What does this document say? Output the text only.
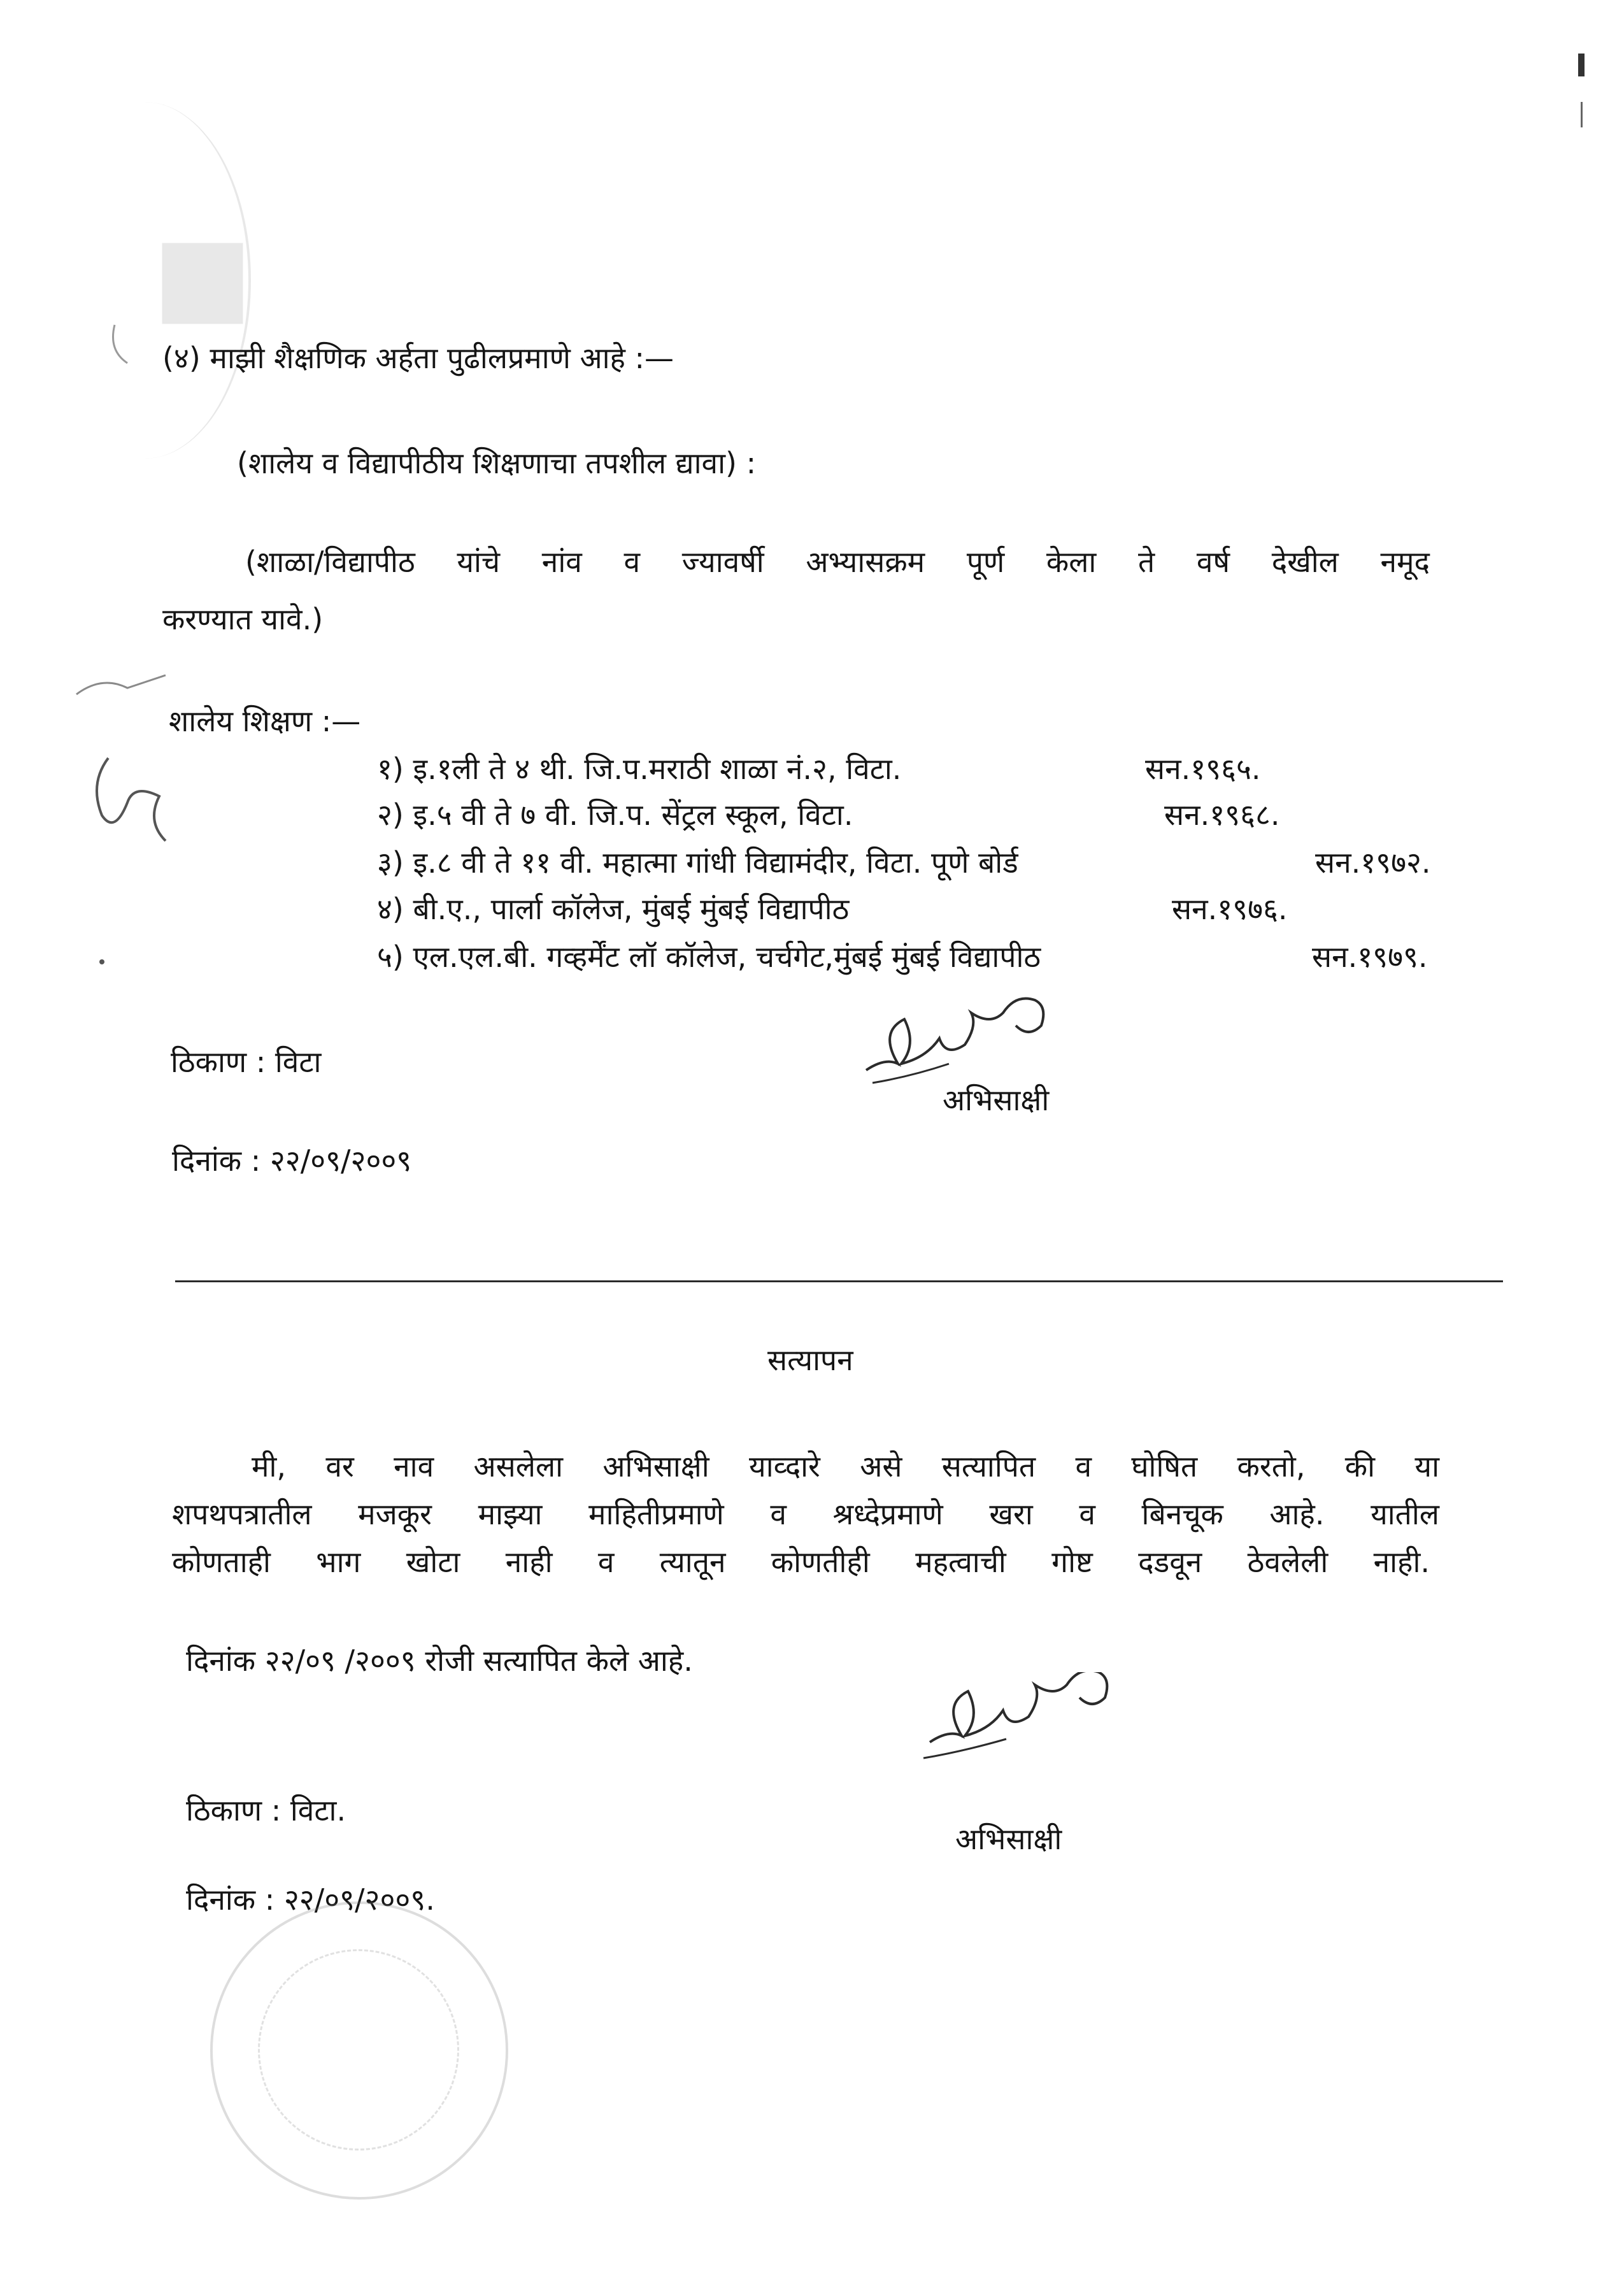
(४) माझी शैक्षणिक अर्हता पुढीलप्रमाणे आहे :—
(शालेय व विद्यापीठीय शिक्षणाचा तपशील द्यावा) :
(शाळा/विद्यापीठ यांचे नांव व ज्यावर्षी अभ्यासक्रम पूर्ण केला ते वर्ष देखील नमूद
करण्यात यावे.)
शालेय शिक्षण :—
१) इ.१ली ते ४ थी. जि.प.मराठी शाळा नं.२, विटा.	सन.१९६५.
२) इ.५ वी ते ७ वी. जि.प. सेंट्रल स्कूल, विटा.	सन.१९६८.
३) इ.८ वी ते ११ वी. महात्मा गांधी विद्यामंदीर, विटा. पूणे बोर्ड	सन.१९७२.
४) बी.ए., पार्ला कॉलेज, मुंबई मुंबई विद्यापीठ	सन.१९७६.
५) एल.एल.बी. गव्हर्मेंट लॉ कॉलेज, चर्चगेट,मुंबई मुंबई विद्यापीठ	सन.१९७९.
ठिकाण : विटा
दिनांक : २२/०९/२००९
अभिसाक्षी
सत्यापन
मी, वर नाव असलेला अभिसाक्षी याव्दारे असे सत्यापित व घोषित करतो, की या
शपथपत्रातील मजकूर माझ्या माहितीप्रमाणे व श्रध्देप्रमाणे खरा व बिनचूक आहे. यातील
कोणताही भाग खोटा नाही व त्यातून कोणतीही महत्वाची गोष्ट दडवून ठेवलेली नाही.
दिनांक २२/०९ /२००९ रोजी सत्यापित केले आहे.
अभिसाक्षी
ठिकाण : विटा.
दिनांक : २२/०९/२००९.
